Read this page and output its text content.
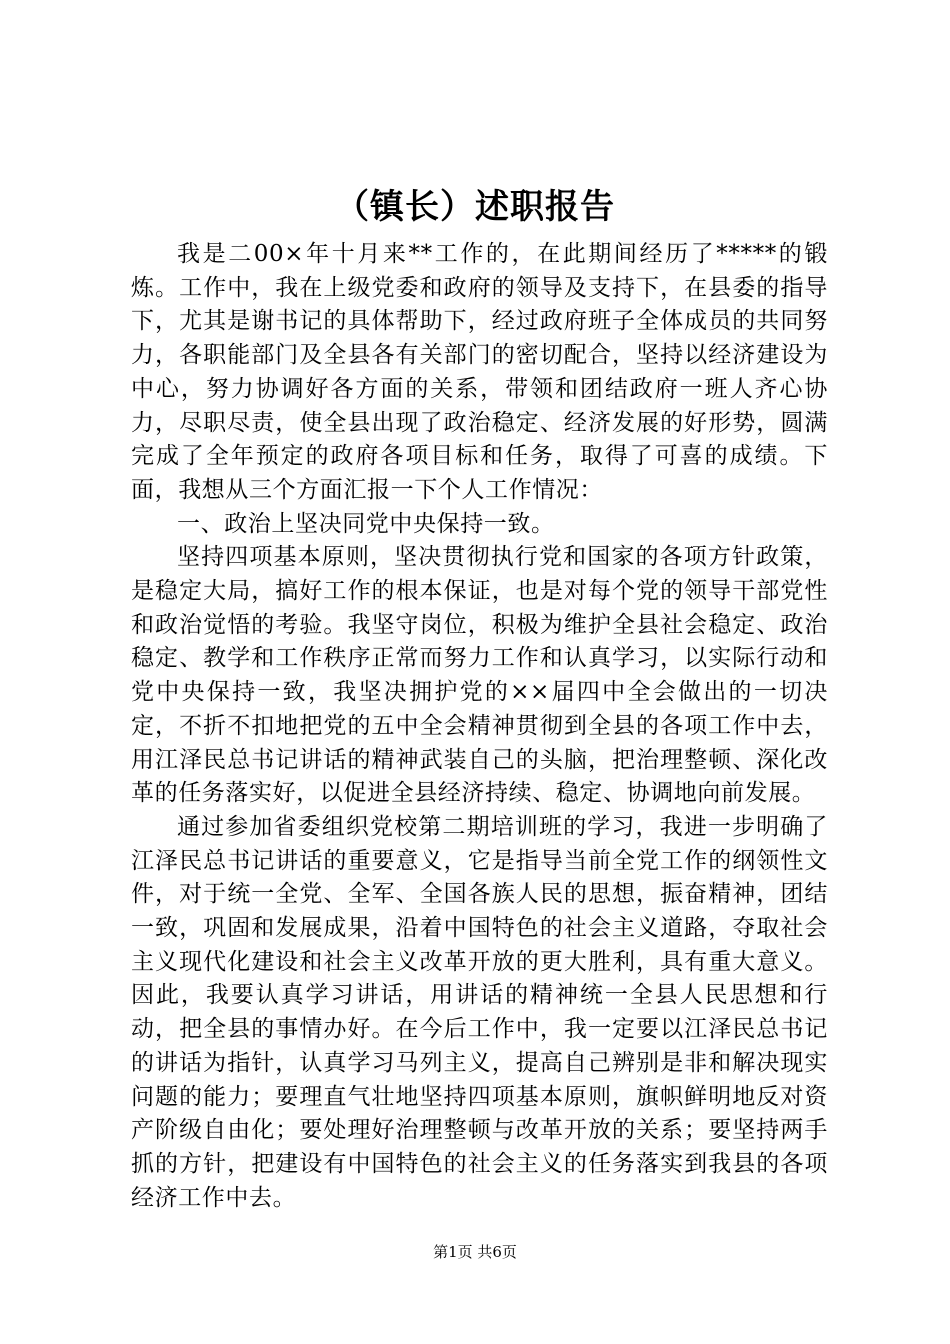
（镇长）述职报告

我是二00×年十月来**工作的，在此期间经历了*****的锻炼。工作中，我在上级党委和政府的领导及支持下，在县委的指导下，尤其是谢书记的具体帮助下，经过政府班子全体成员的共同努力，各职能部门及全县各有关部门的密切配合，坚持以经济建设为中心，努力协调好各方面的关系，带领和团结政府一班人齐心协力，尽职尽责，使全县出现了政治稳定、经济发展的好形势，圆满完成了全年预定的政府各项目标和任务，取得了可喜的成绩。下面，我想从三个方面汇报一下个人工作情况：

一、政治上坚决同党中央保持一致。

坚持四项基本原则，坚决贯彻执行党和国家的各项方针政策，是稳定大局，搞好工作的根本保证，也是对每个党的领导干部党性和政治觉悟的考验。我坚守岗位，积极为维护全县社会稳定、政治稳定、教学和工作秩序正常而努力工作和认真学习，以实际行动和党中央保持一致，我坚决拥护党的××届四中全会做出的一切决定，不折不扣地把党的五中全会精神贯彻到全县的各项工作中去，用江泽民总书记讲话的精神武装自己的头脑，把治理整顿、深化改革的任务落实好，以促进全县经济持续、稳定、协调地向前发展。

通过参加省委组织党校第二期培训班的学习，我进一步明确了江泽民总书记讲话的重要意义，它是指导当前全党工作的纲领性文件，对于统一全党、全军、全国各族人民的思想，振奋精神，团结一致，巩固和发展成果，沿着中国特色的社会主义道路，夺取社会主义现代化建设和社会主义改革开放的更大胜利，具有重大意义。因此，我要认真学习讲话，用讲话的精神统一全县人民思想和行动，把全县的事情办好。在今后工作中，我一定要以江泽民总书记的讲话为指针，认真学习马列主义，提高自己辨别是非和解决现实问题的能力；要理直气壮地坚持四项基本原则，旗帜鲜明地反对资产阶级自由化；要处理好治理整顿与改革开放的关系；要坚持两手抓的方针，把建设有中国特色的社会主义的任务落实到我县的各项经济工作中去。

第1页 共6页
